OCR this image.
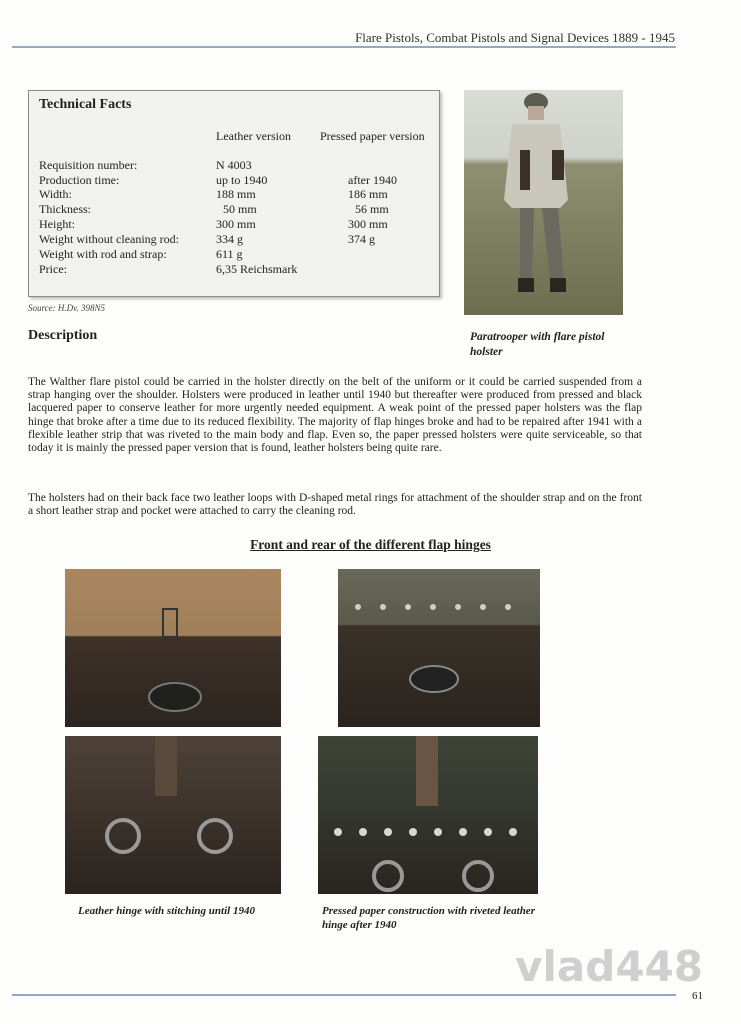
Flare Pistols, Combat Pistols and Signal Devices 1889 - 1945
Technical Facts
Leather version Pressed paper version
Requisition number:	N 4003
Production time:	up to 1940	after 1940
Width:	188 mm	186 mm
Thickness:	50 mm	56 mm
Height:	300 mm	300 mm
Weight without cleaning rod:	334 g	374 g
Weight with rod and strap:	611 g
Price:	6,35 Reichsmark
Source: H.Dv. 398N5
Paratrooper with flare pistol holster
Description
The Walther flare pistol could be carried in the holster directly on the belt of the uniform or it could be carried suspended from a strap hanging over the shoulder. Holsters were produced in leather until 1940 but thereafter were produced from pressed and black lacquered paper to conserve leather for more urgently needed equipment. A weak point of the pressed paper holsters was the flap hinge that broke after a time due to its reduced flexibility. The majority of flap hinges broke and had to be repaired after 1941 with a flexible leather strip that was riveted to the main body and flap. Even so, the paper pressed holsters were quite serviceable, so that today it is mainly the pressed paper version that is found, leather holsters being quite rare.
The holsters had on their back face two leather loops with D-shaped metal rings for attachment of the shoulder strap and on the front a short leather strap and pocket were attached to carry the cleaning rod.
Front and rear of the different flap hinges
Leather hinge with stitching until 1940	Pressed paper construction with riveted leather hinge after 1940
vlad448
61
